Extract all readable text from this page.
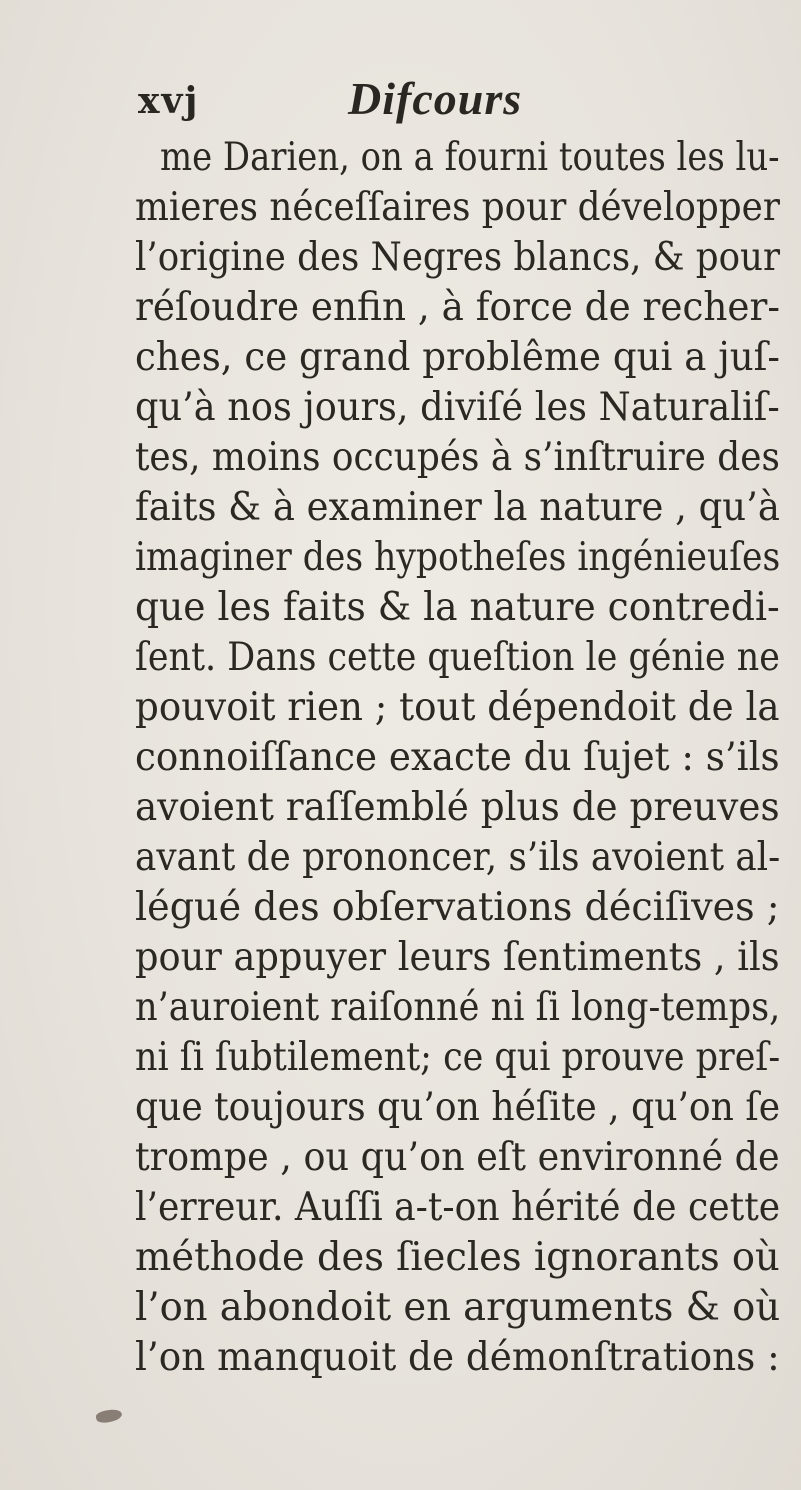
xvj	Difcours
me Darien, on a fourni toutes les lu-
mieres néceſſaires pour développer
l’origine des Negres blancs, & pour
réſoudre enfin , à force de recher-
ches, ce grand problême qui a juſ-
qu’à nos jours, diviſé les Naturaliſ-
tes, moins occupés à s’inſtruire des
faits & à examiner la nature , qu’à
imaginer des hypotheſes ingénieuſes
que les faits & la nature contredi-
ſent. Dans cette queſtion le génie ne
pouvoit rien ; tout dépendoit de la
connoiſſance exacte du ſujet : s’ils
avoient raſſemblé plus de preuves
avant de prononcer, s’ils avoient al-
légué des obſervations déciſives ;
pour appuyer leurs ſentiments , ils
n’auroient raiſonné ni ſi long-temps,
ni ſi ſubtilement; ce qui prouve preſ-
que toujours qu’on héſite , qu’on ſe
trompe , ou qu’on eſt environné de
l’erreur. Auſſi a-t-on hérité de cette
méthode des ſiecles ignorants où
l’on abondoit en arguments & où
l’on manquoit de démonſtrations :
